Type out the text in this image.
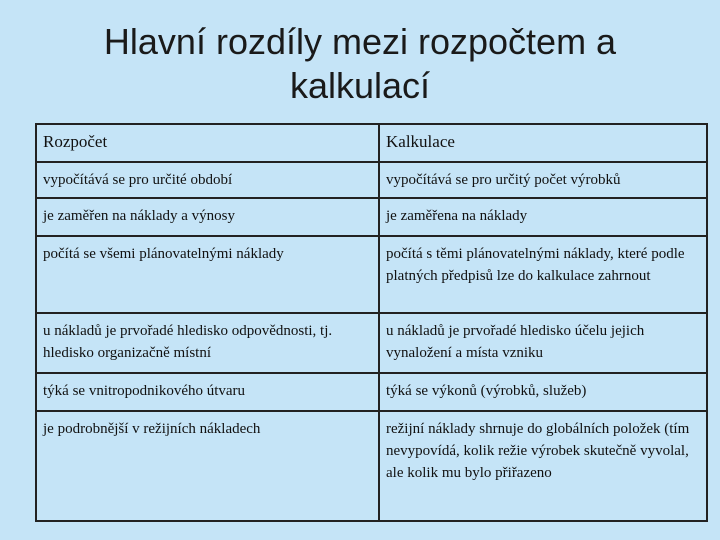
Hlavní rozdíly mezi rozpočtem a
kalkulací
Rozpočet	Kalkulace
vypočítává se pro určité období	vypočítává se pro určitý počet výrobků
je zaměřen na náklady a výnosy	je zaměřena na náklady
počítá se všemi plánovatelnými náklady	počítá s těmi plánovatelnými náklady, které podle platných předpisů lze do kalkulace zahrnout
u nákladů je prvořadé hledisko odpovědnosti, tj. hledisko organizačně místní	u nákladů je prvořadé hledisko účelu jejich vynaložení a místa vzniku
týká se vnitropodnikového útvaru	týká se výkonů (výrobků, služeb)
je podrobnější v režijních nákladech	režijní náklady shrnuje do globálních položek (tím nevypovídá, kolik režie výrobek skutečně vyvolal, ale kolik mu bylo přiřazeno
